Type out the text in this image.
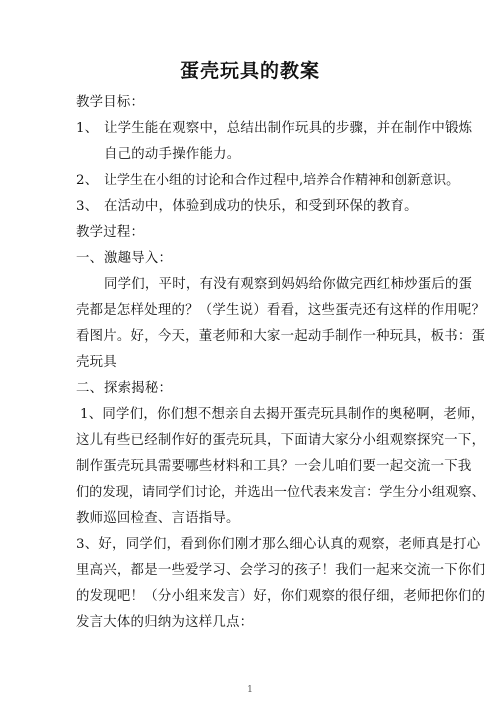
蛋壳玩具的教案
教学目标：
1、 让学生能在观察中，总结出制作玩具的步骤，并在制作中锻炼
自己的动手操作能力。
2、 让学生在小组的讨论和合作过程中,培养合作精神和创新意识。
3、 在活动中，体验到成功的快乐，和受到环保的教育。
教学过程：
一、 激趣导入：
同学们，平时，有没有观察到妈妈给你做完西红柿炒蛋后的蛋
壳都是怎样处理的？（学生说）看看，这些蛋壳还有这样的作用呢？
看图片。好，今天，董老师和大家一起动手制作一种玩具，板书：蛋
壳玩具
二、 探索揭秘：
1、同学们，你们想不想亲自去揭开蛋壳玩具制作的奥秘啊，老师，
这儿有些已经制作好的蛋壳玩具，下面请大家分小组观察探究一下，
制作蛋壳玩具需要哪些材料和工具？一会儿咱们要一起交流一下我
们的发现，请同学们讨论，并选出一位代表来发言：学生分小组观察、
教师巡回检查、言语指导。
3、好，同学们，看到你们刚才那么细心认真的观察，老师真是打心
里高兴，都是一些爱学习、会学习的孩子！我们一起来交流一下你们
的发现吧！（分小组来发言）好，你们观察的很仔细，老师把你们的
发言大体的归纳为这样几点：
1
